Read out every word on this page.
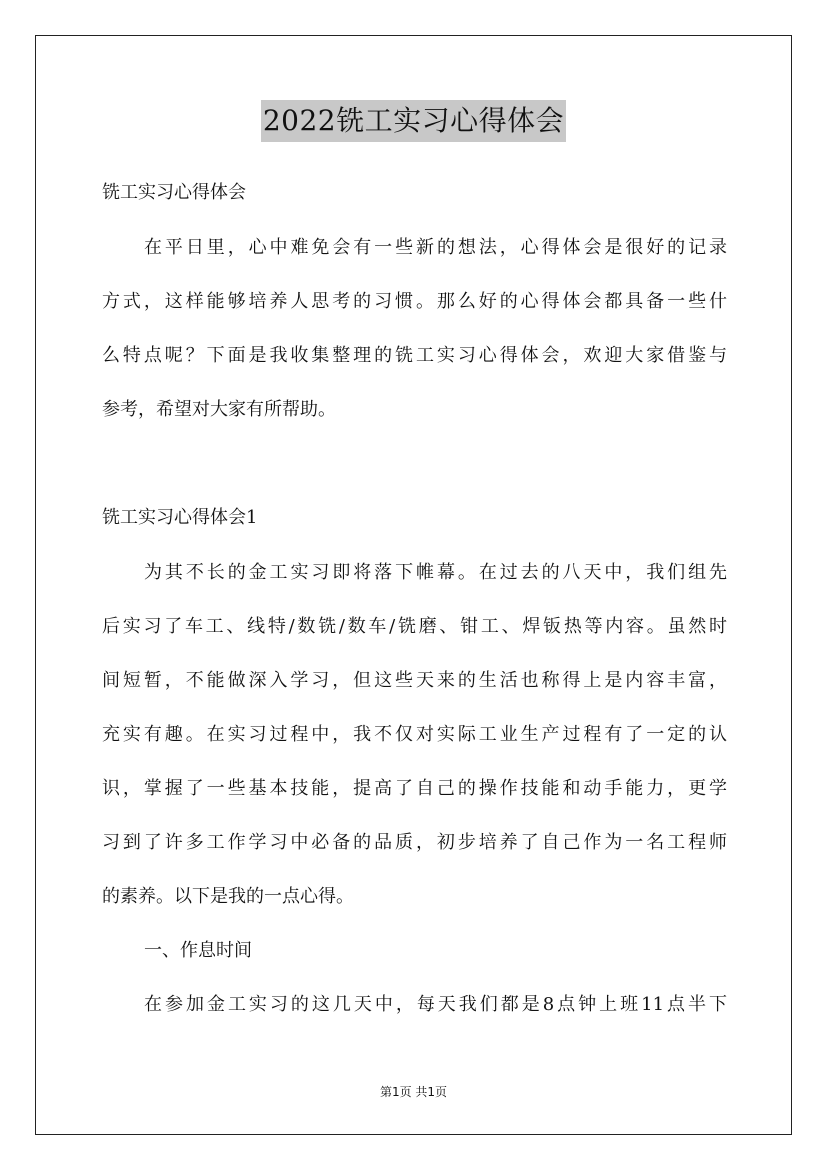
2022铣工实习心得体会
铣工实习心得体会
在平日里，心中难免会有一些新的想法，心得体会是很好的记录
方式，这样能够培养人思考的习惯。那么好的心得体会都具备一些什
么特点呢？下面是我收集整理的铣工实习心得体会，欢迎大家借鉴与
参考，希望对大家有所帮助。
铣工实习心得体会1
为其不长的金工实习即将落下帷幕。在过去的八天中，我们组先
后实习了车工、线特/数铣/数车/铣磨、钳工、焊钣热等内容。虽然时
间短暂，不能做深入学习，但这些天来的生活也称得上是内容丰富，
充实有趣。在实习过程中，我不仅对实际工业生产过程有了一定的认
识，掌握了一些基本技能，提高了自己的操作技能和动手能力，更学
习到了许多工作学习中必备的品质，初步培养了自己作为一名工程师
的素养。以下是我的一点心得。
一、作息时间
在参加金工实习的这几天中，每天我们都是8点钟上班11点半下
第1页 共1页
